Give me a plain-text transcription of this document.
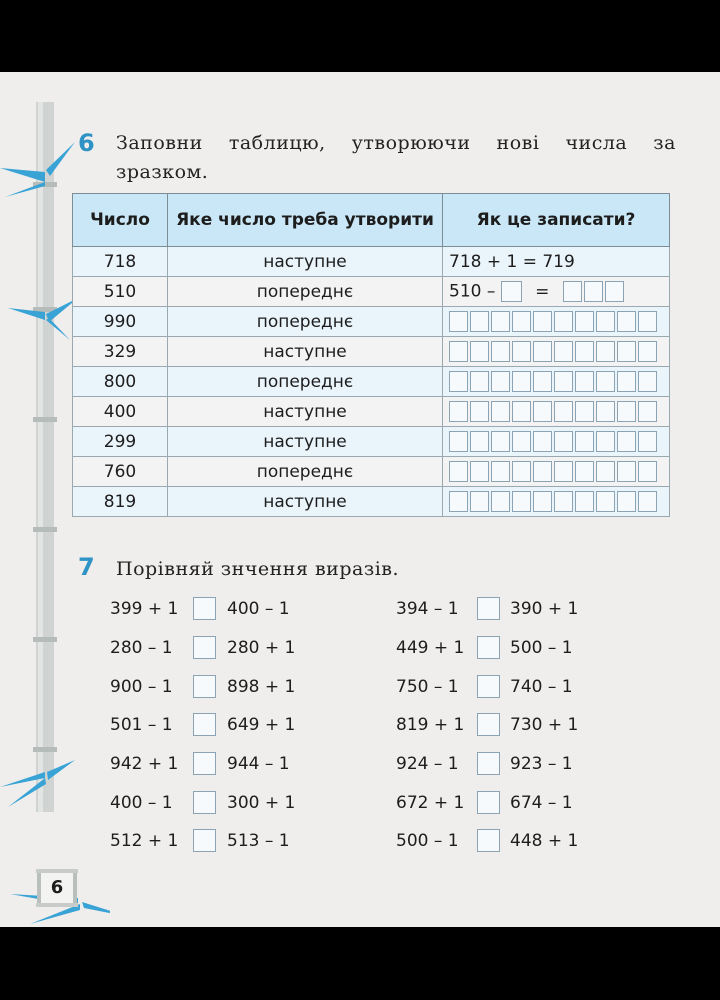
6 Заповни таблицю, утворюючи нові числа за
зразком.
Число	Яке число треба утворити	Як це записати?
718	наступне	718 + 1 = 719
510	попереднє	510 – =

990	попереднє	

329	наступне	

800	попереднє	

400	наступне	

299	наступне	

760	попереднє	

819	наступне	
7 Порівняй знчення виразів.
399 + 1	400 – 1
280 – 1	280 + 1
900 – 1	898 + 1
501 – 1	649 + 1
942 + 1	944 – 1
400 – 1	300 + 1
512 + 1	513 – 1
394 – 1	390 + 1
449 + 1	500 – 1
750 – 1	740 – 1
819 + 1	730 + 1
924 – 1	923 – 1
672 + 1	674 – 1
500 – 1	448 + 1
6
